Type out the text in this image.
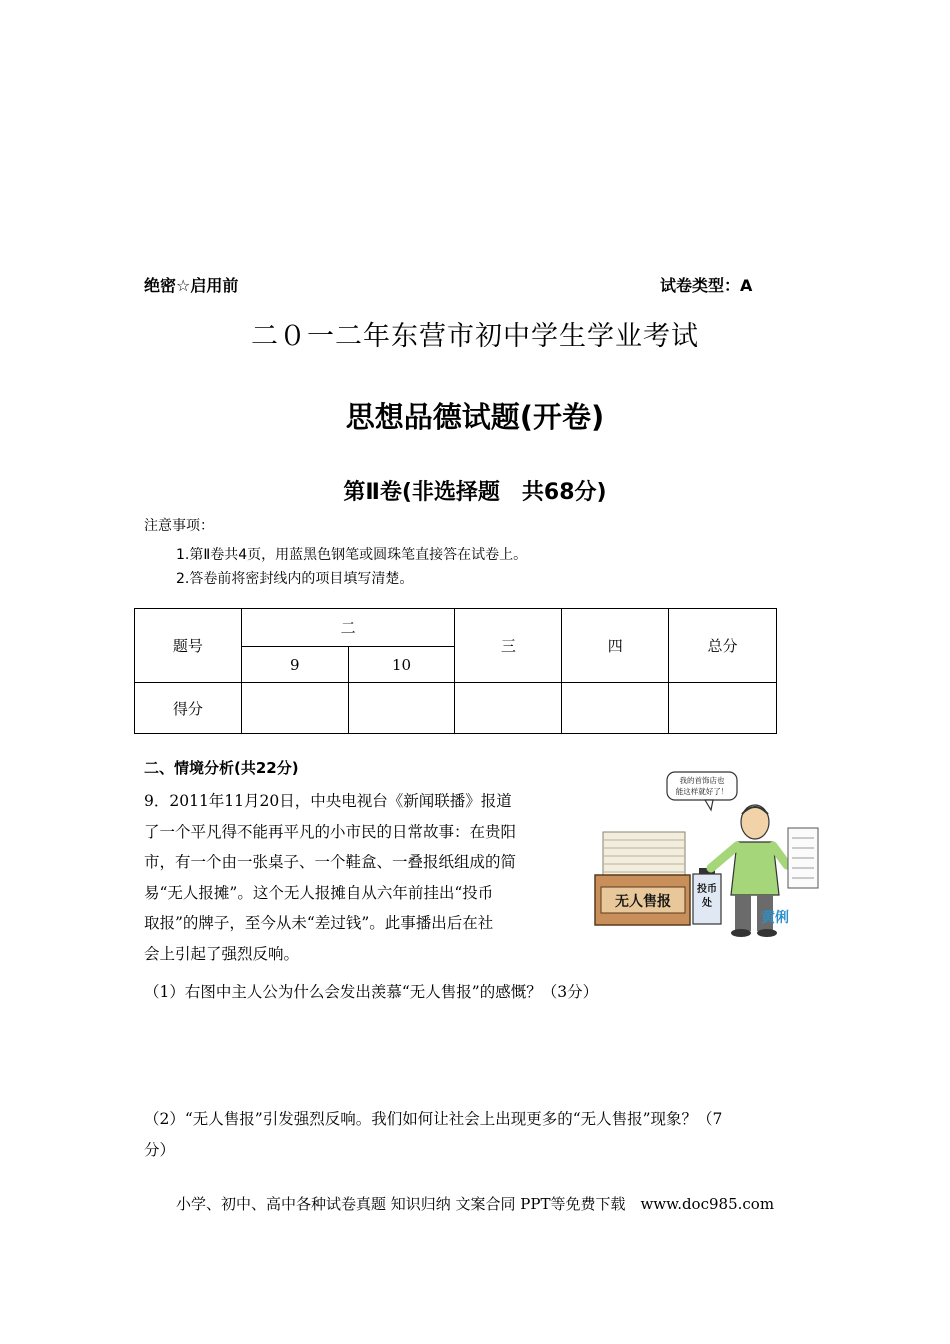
绝密☆启用前	试卷类型：A
二０一二年东营市初中学生学业考试
思想品德试题(开卷)
第Ⅱ卷(非选择题　共68分)
注意事项：
1.第Ⅱ卷共4页，用蓝黑色钢笔或圆珠笔直接答在试卷上。
2.答卷前将密封线内的项目填写清楚。
题号	二		三	四	总分
	9	10			
得分					
二、情境分析(共22分)
9．2011年11月20日，中央电视台《新闻联播》报道
了一个平凡得不能再平凡的小市民的日常故事：在贵阳
市，有一个由一张桌子、一个鞋盒、一叠报纸组成的简
易“无人报摊”。这个无人报摊自从六年前挂出“投币
取报”的牌子，至今从未“差过钱”。此事播出后在社
会上引起了强烈反响。
我的首饰店也
能这样就好了！
无人售报
投币
处
黄俐
（1）右图中主人公为什么会发出羡慕“无人售报”的感慨？（3分）
（2）“无人售报”引发强烈反响。我们如何让社会上出现更多的“无人售报”现象？（7
分）
小学、初中、高中各种试卷真题 知识归纳 文案合同 PPT等免费下载　www.doc985.com
